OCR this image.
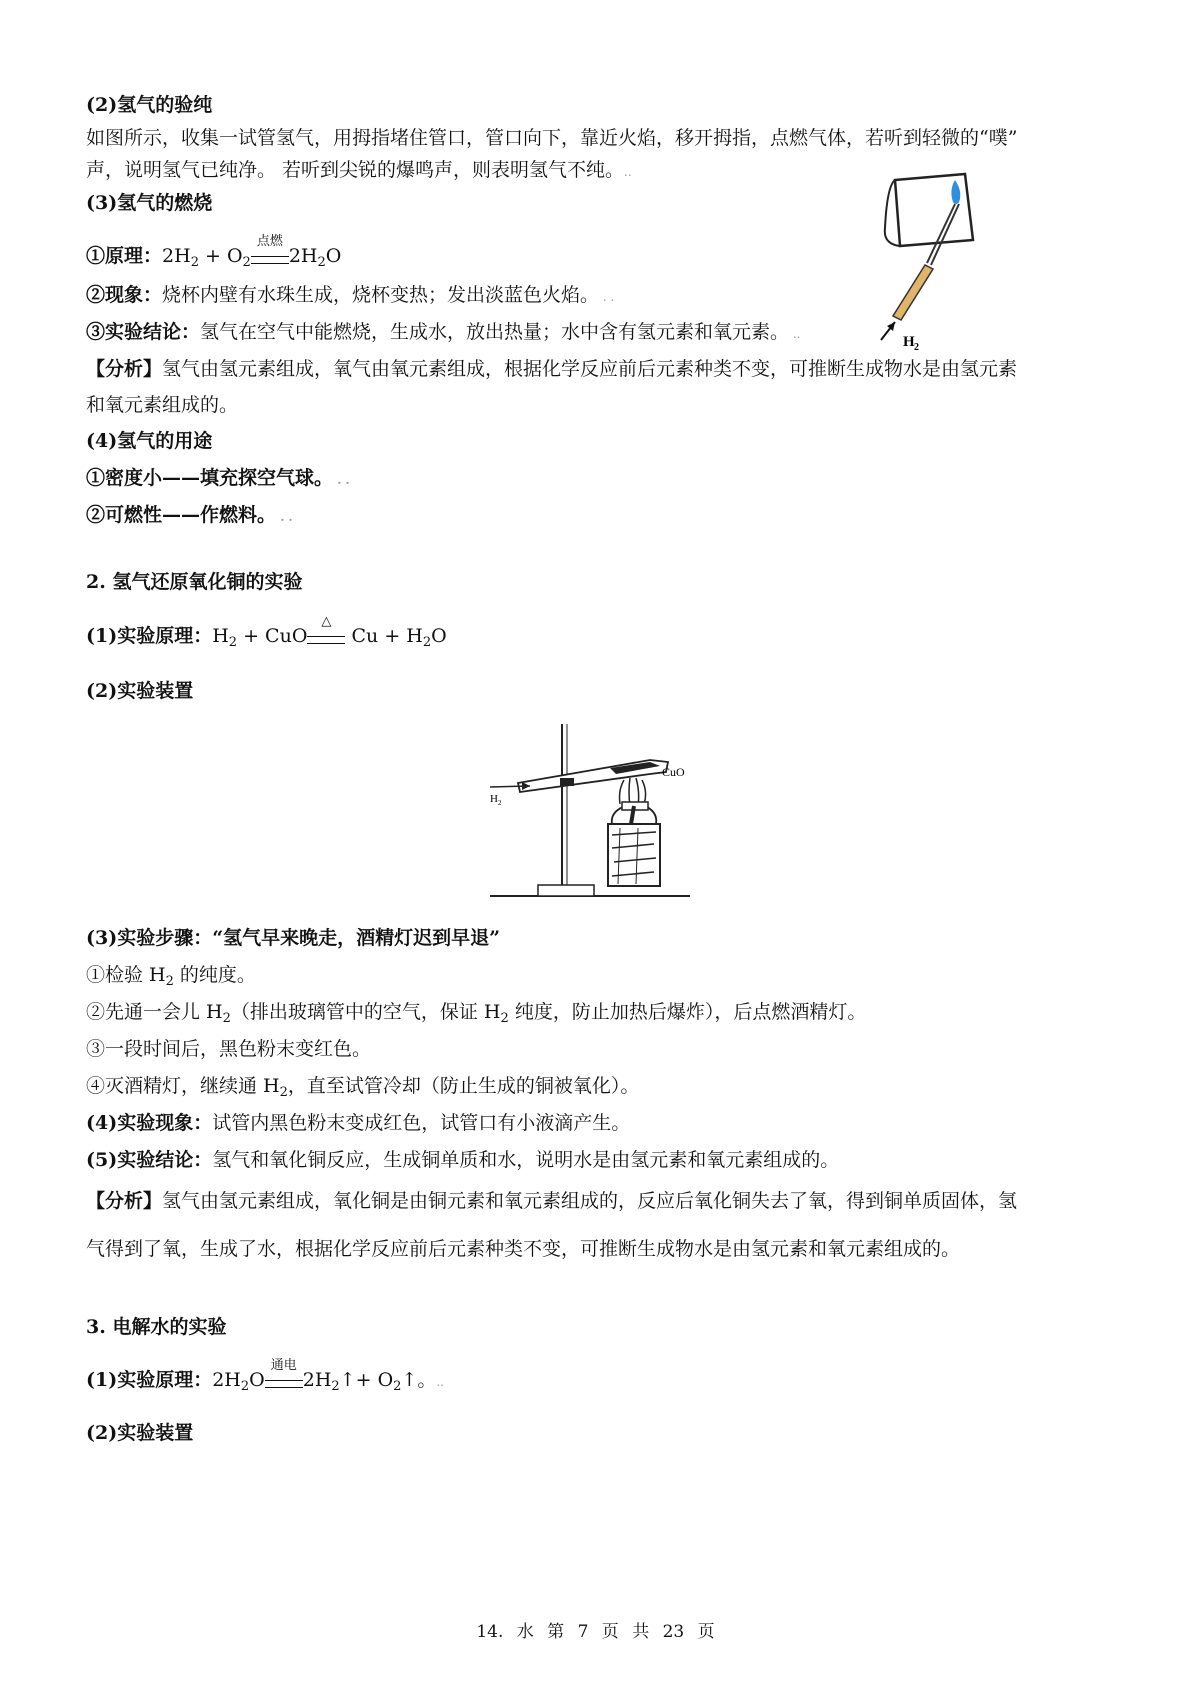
(2)氢气的验纯
如图所示，收集一试管氢气，用拇指堵住管口，管口向下，靠近火焰，移开拇指，点燃气体，若听到轻微的“噗”
声，说明氢气已纯净。 若听到尖锐的爆鸣声，则表明氢气不纯。..
(3)氢气的燃烧
①原理：$2H_2 + O_2$
点燃
$2H_2O$
②现象：烧杯内壁有水珠生成，烧杯变热；发出淡蓝色火焰。 . .
③实验结论：氢气在空气中能燃烧，生成水，放出热量；水中含有氢元素和氧元素。 ..	H 2
【分析】氢气由氢元素组成，氧气由氧元素组成，根据化学反应前后元素种类不变，可推断生成物水是由氢元素
和氧元素组成的。
(4)氢气的用途
①密度小——填充探空气球。 . .
②可燃性——作燃料。 . .
2. 氢气还原氧化铜的实验
(1)实验原理：$H_2$ + CuO
△
$Cu + H_2O$
(2)实验装置
H 2
CuO
(3)实验步骤：“氢气早来晚走，酒精灯迟到早退”
①检验 $H_2$ 的纯度。
②先通一会儿 $H_2$（排出玻璃管中的空气，保证 $H_2$ 纯度，防止加热后爆炸），后点燃酒精灯。
③一段时间后，黑色粉末变红色。
④灭酒精灯，继续通 $H_2$，直至试管冷却（防止生成的铜被氧化）。
(4)实验现象：试管内黑色粉末变成红色，试管口有小液滴产生。
(5)实验结论：氢气和氧化铜反应，生成铜单质和水，说明水是由氢元素和氧元素组成的。
【分析】氢气由氢元素组成，氧化铜是由铜元素和氧元素组成的，反应后氧化铜失去了氧，得到铜单质固体，氢
气得到了氧，生成了水，根据化学反应前后元素种类不变，可推断生成物水是由氢元素和氧元素组成的。
3. 电解水的实验
(1)实验原理：$2H_2O$
通电
$2H_2↑+$ $O_2↑$。..
(2)实验装置
14. 水 第 7 页 共 23 页
